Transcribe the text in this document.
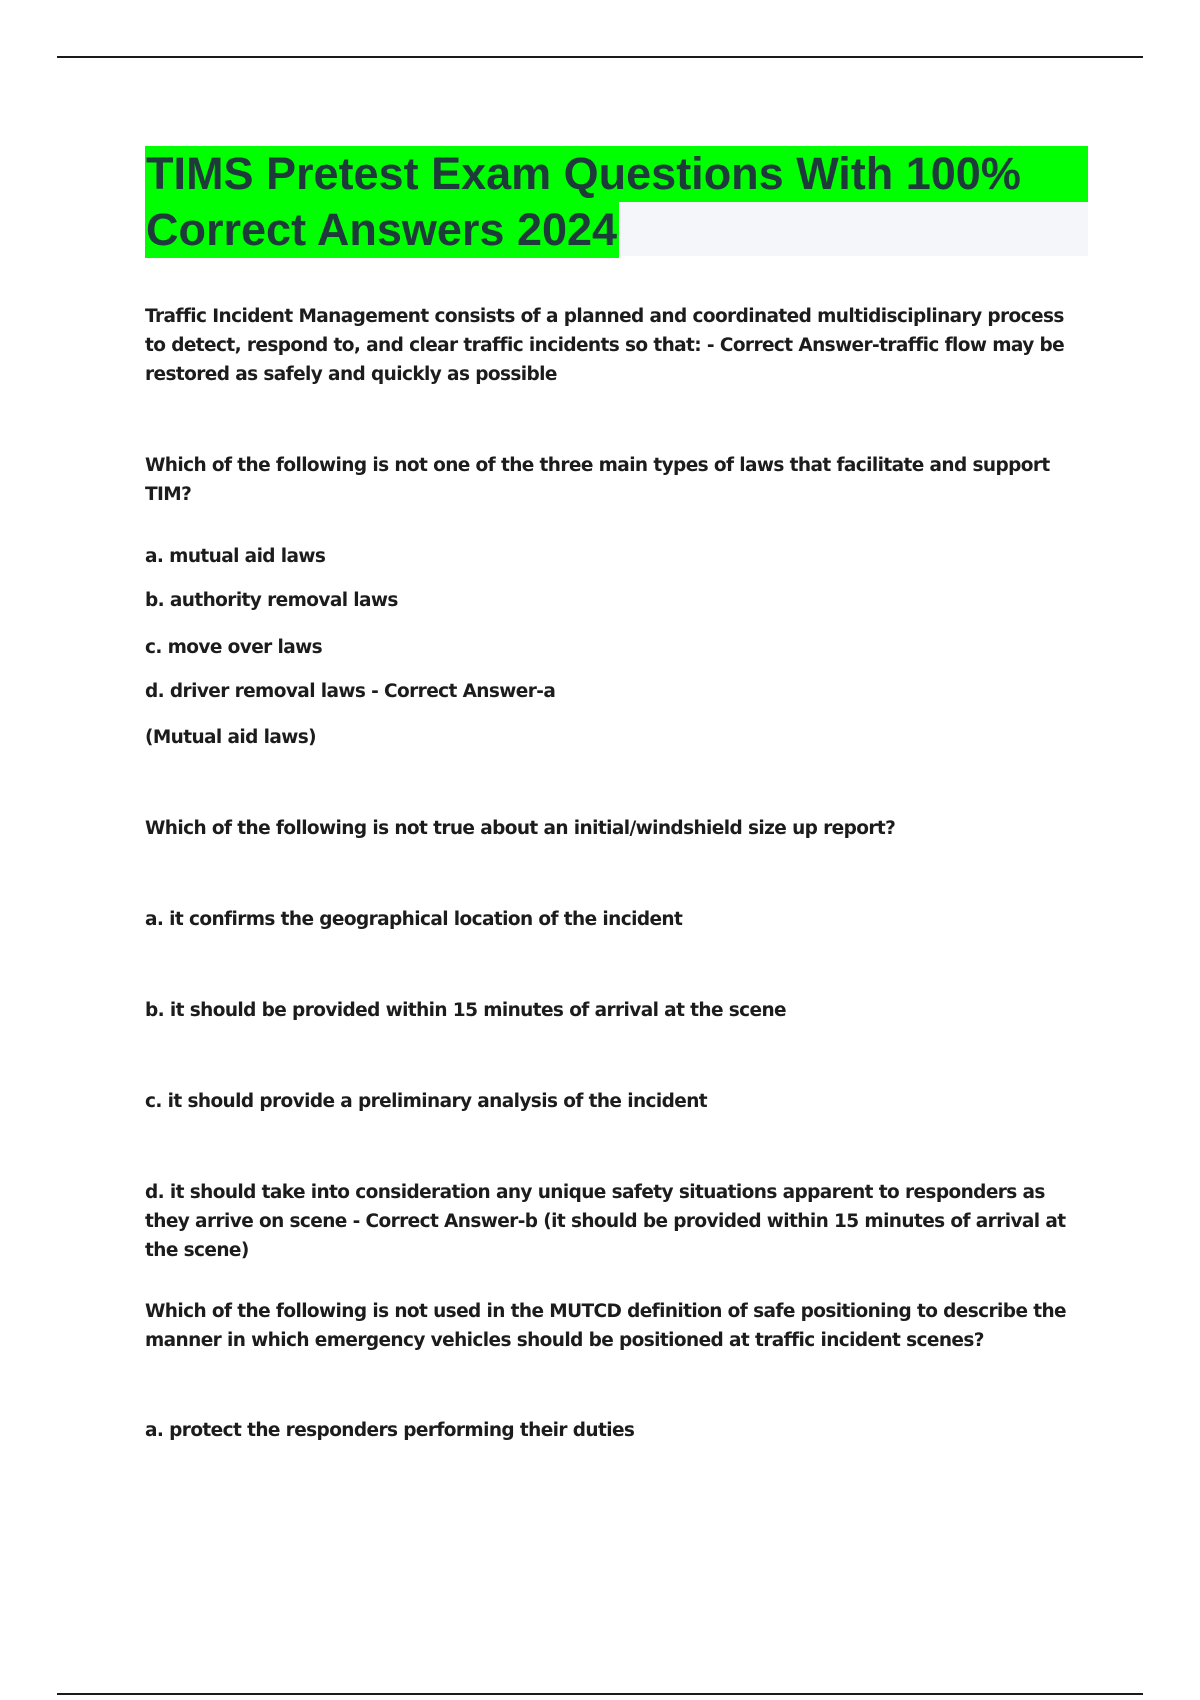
TIMS Pretest Exam Questions With 100%
Correct Answers 2024

Traffic Incident Management consists of a planned and coordinated multidisciplinary process to detect, respond to, and clear traffic incidents so that: - Correct Answer-traffic flow may be restored as safely and quickly as possible

Which of the following is not one of the three main types of laws that facilitate and support TIM?

a. mutual aid laws

b. authority removal laws

c. move over laws

d. driver removal laws - Correct Answer-a

(Mutual aid laws)

Which of the following is not true about an initial/windshield size up report?

a. it confirms the geographical location of the incident

b. it should be provided within 15 minutes of arrival at the scene

c. it should provide a preliminary analysis of the incident

d. it should take into consideration any unique safety situations apparent to responders as they arrive on scene - Correct Answer-b (it should be provided within 15 minutes of arrival at the scene)

Which of the following is not used in the MUTCD definition of safe positioning to describe the manner in which emergency vehicles should be positioned at traffic incident scenes?

a. protect the responders performing their duties
